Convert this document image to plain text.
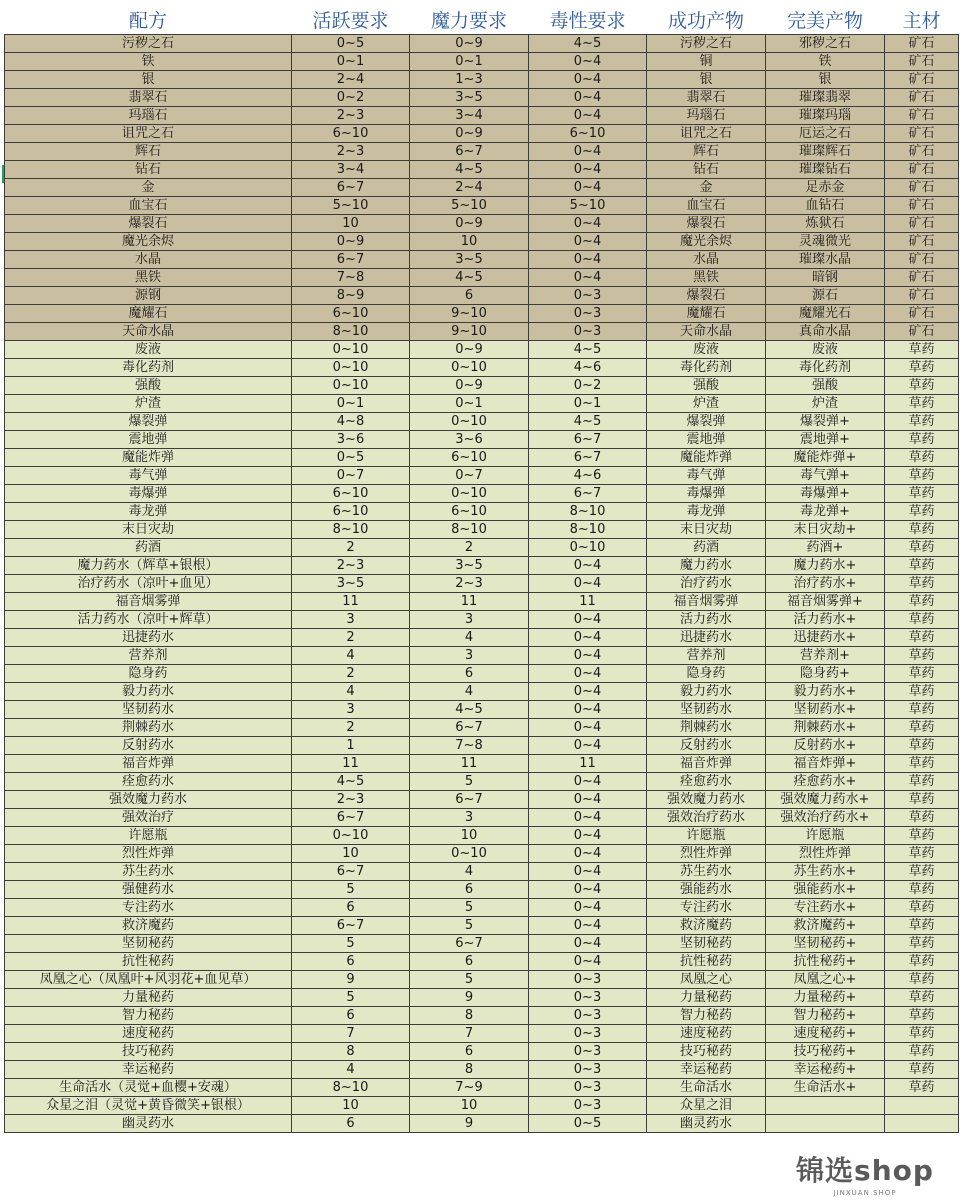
配方	活跃要求	魔力要求	毒性要求	成功产物	完美产物	主材
污秽之石	0~5	0~9	4~5	污秽之石	邪秽之石	矿石
铁	0~1	0~1	0~4	铜	铁	矿石
银	2~4	1~3	0~4	银	银	矿石
翡翠石	0~2	3~5	0~4	翡翠石	璀璨翡翠	矿石
玛瑙石	2~3	3~4	0~4	玛瑙石	璀璨玛瑙	矿石
诅咒之石	6~10	0~9	6~10	诅咒之石	厄运之石	矿石
辉石	2~3	6~7	0~4	辉石	璀璨辉石	矿石
钻石	3~4	4~5	0~4	钻石	璀璨钻石	矿石
金	6~7	2~4	0~4	金	足赤金	矿石
血宝石	5~10	5~10	5~10	血宝石	血钻石	矿石
爆裂石	10	0~9	0~4	爆裂石	炼狱石	矿石
魔光余烬	0~9	10	0~4	魔光余烬	灵魂微光	矿石
水晶	6~7	3~5	0~4	水晶	璀璨水晶	矿石
黑铁	7~8	4~5	0~4	黑铁	暗钢	矿石
源钢	8~9	6	0~3	爆裂石	源石	矿石
魔耀石	6~10	9~10	0~3	魔耀石	魔耀光石	矿石
天命水晶	8~10	9~10	0~3	天命水晶	真命水晶	矿石
废液	0~10	0~9	4~5	废液	废液	草药
毒化药剂	0~10	0~10	4~6	毒化药剂	毒化药剂	草药
强酸	0~10	0~9	0~2	强酸	强酸	草药
炉渣	0~1	0~1	0~1	炉渣	炉渣	草药
爆裂弹	4~8	0~10	4~5	爆裂弹	爆裂弹+	草药
震地弹	3~6	3~6	6~7	震地弹	震地弹+	草药
魔能炸弹	0~5	6~10	6~7	魔能炸弹	魔能炸弹+	草药
毒气弹	0~7	0~7	4~6	毒气弹	毒气弹+	草药
毒爆弹	6~10	0~10	6~7	毒爆弹	毒爆弹+	草药
毒龙弹	6~10	6~10	8~10	毒龙弹	毒龙弹+	草药
末日灾劫	8~10	8~10	8~10	末日灾劫	末日灾劫+	草药
药酒	2	2	0~10	药酒	药酒+	草药
魔力药水（辉草+银根）	2~3	3~5	0~4	魔力药水	魔力药水+	草药
治疗药水（凉叶+血见）	3~5	2~3	0~4	治疗药水	治疗药水+	草药
福音烟雾弹	11	11	11	福音烟雾弹	福音烟雾弹+	草药
活力药水（凉叶+辉草）	3	3	0~4	活力药水	活力药水+	草药
迅捷药水	2	4	0~4	迅捷药水	迅捷药水+	草药
营养剂	4	3	0~4	营养剂	营养剂+	草药
隐身药	2	6	0~4	隐身药	隐身药+	草药
毅力药水	4	4	0~4	毅力药水	毅力药水+	草药
坚韧药水	3	4~5	0~4	坚韧药水	坚韧药水+	草药
荆棘药水	2	6~7	0~4	荆棘药水	荆棘药水+	草药
反射药水	1	7~8	0~4	反射药水	反射药水+	草药
福音炸弹	11	11	11	福音炸弹	福音炸弹+	草药
痊愈药水	4~5	5	0~4	痊愈药水	痊愈药水+	草药
强效魔力药水	2~3	6~7	0~4	强效魔力药水	强效魔力药水+	草药
强效治疗	6~7	3	0~4	强效治疗药水	强效治疗药水+	草药
许愿瓶	0~10	10	0~4	许愿瓶	许愿瓶	草药
烈性炸弹	10	0~10	0~4	烈性炸弹	烈性炸弹	草药
苏生药水	6~7	4	0~4	苏生药水	苏生药水+	草药
强健药水	5	6	0~4	强能药水	强能药水+	草药
专注药水	6	5	0~4	专注药水	专注药水+	草药
救济魔药	6~7	5	0~4	救济魔药	救济魔药+	草药
坚韧秘药	5	6~7	0~4	坚韧秘药	坚韧秘药+	草药
抗性秘药	6	6	0~4	抗性秘药	抗性秘药+	草药
凤凰之心（凤凰叶+风羽花+血见草）	9	5	0~3	凤凰之心	凤凰之心+	草药
力量秘药	5	9	0~3	力量秘药	力量秘药+	草药
智力秘药	6	8	0~3	智力秘药	智力秘药+	草药
速度秘药	7	7	0~3	速度秘药	速度秘药+	草药
技巧秘药	8	6	0~3	技巧秘药	技巧秘药+	草药
幸运秘药	4	8	0~3	幸运秘药	幸运秘药+	草药
生命活水（灵觉+血樱+安魂）	8~10	7~9	0~3	生命活水	生命活水+	草药
众星之泪（灵觉+黄昏微笑+银根）	10	10	0~3	众星之泪		
幽灵药水	6	9	0~5	幽灵药水		
锦选shop
JINXUAN SHOP
